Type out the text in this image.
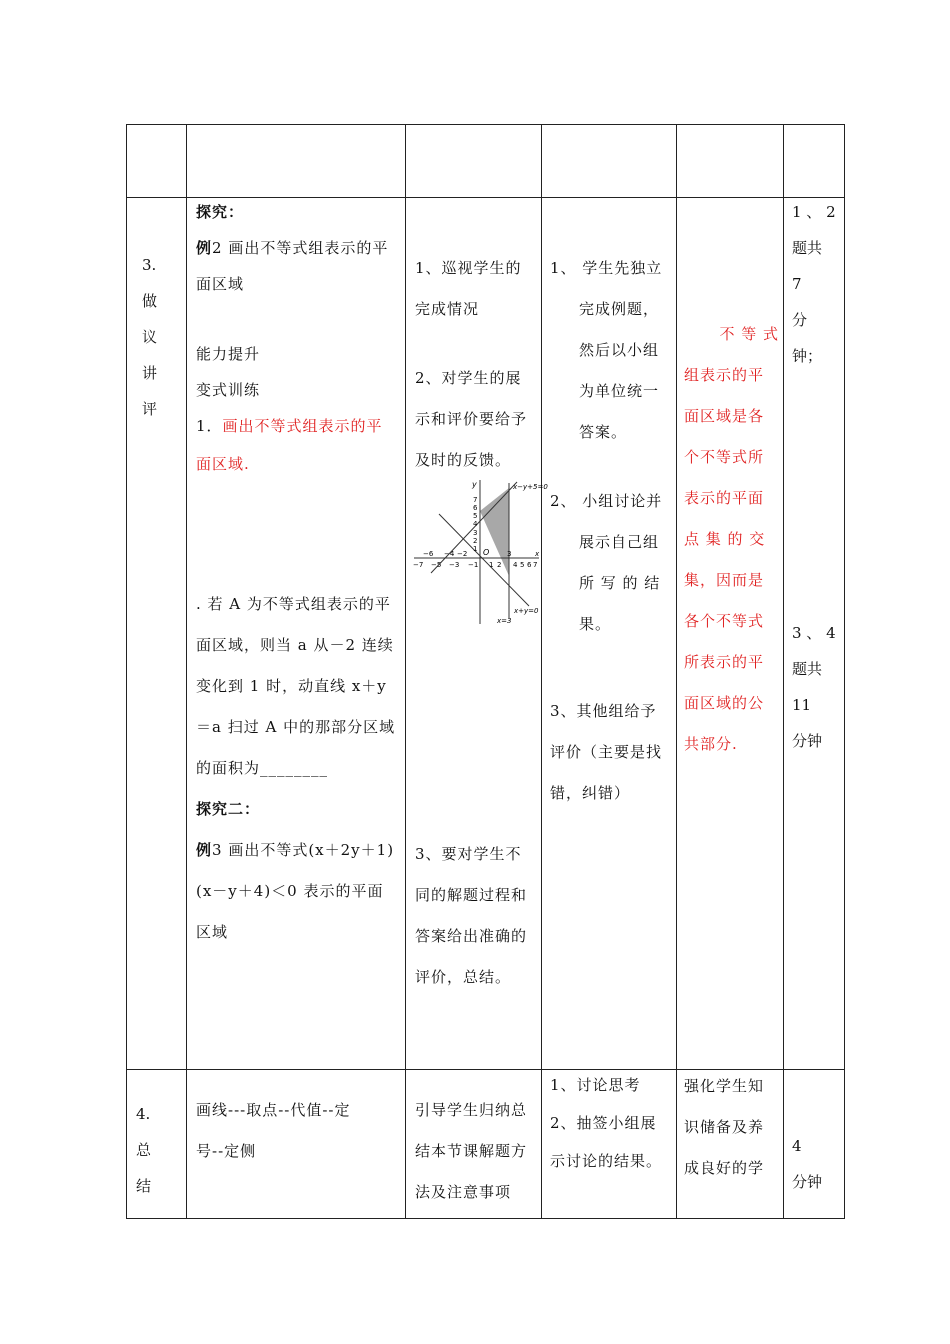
3.
做
议
讲
评
探究：
例2 画出不等式组表示的平
面区域
能力提升
变式训练
1．画出不等式组表示的平
面区域.
. 若 A 为不等式组表示的平
面区域，则当 a 从－2 连续
变化到 1 时，动直线 x＋y
＝a 扫过 A 中的那部分区域
的面积为________
探究二：
例3 画出不等式(x＋2y＋1)
(x－y＋4)＜0 表示的平面
区域
1、巡视学生的
完成情况
2、对学生的展
示和评价要给予
及时的反馈。
y	x−y+5=0
7
6
5
4
3
2
1 O	3
−6 −4 −2
−7 −5 −3 −1 1 2 4 5 6 7
x
x+y=0
x=3
3、要对学生不
同的解题过程和
答案给出准确的
评价，总结。
1、 学生先独立
完成例题，
然后以小组
为单位统一
答案。
2、 小组讨论并
展示自己组
所 写 的 结
果。
3、其他组给予
评价（主要是找
错，纠错）
不 等 式
组表示的平
面区域是各
个不等式所
表示的平面
点 集 的 交
集，因而是
各个不等式
所表示的平
面区域的公
共部分.
1 、 2
题共
7
分
钟；
3 、 4
题共
11
分钟
4.
总
结
画线---取点--代值--定
号--定侧
引导学生归纳总
结本节课解题方
法及注意事项
1、讨论思考
2、抽签小组展
示讨论的结果。
强化学生知
识储备及养
成良好的学
4
分钟
